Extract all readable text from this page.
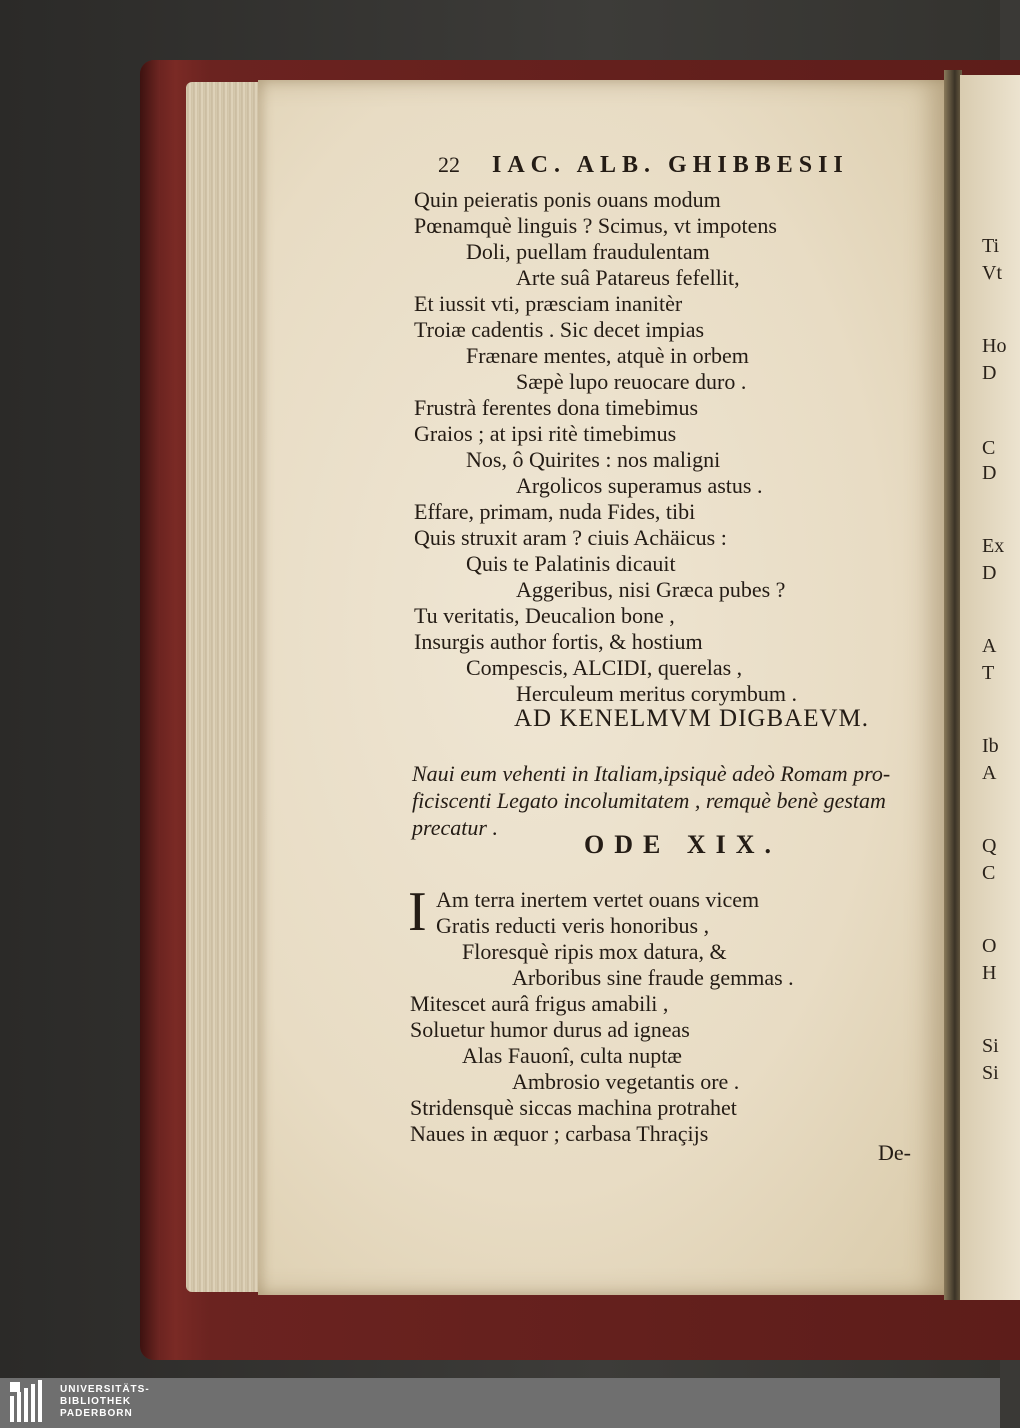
Ti
Vt
Ho
D
C
D
Ex
D
A
T
Ib
A
Q
C
O
H
Si
Si
22	IAC. ALB. GHIBBESII
Quin peieratis ponis ouans modum
Pœnamquè linguis ? Scimus, vt impotens
Doli, puellam fraudulentam
Arte suâ Patareus fefellit,
Et iussit vti, præsciam inanitèr
Troiæ cadentis . Sic decet impias
Frænare mentes, atquè in orbem
Sæpè lupo reuocare duro .
Frustrà ferentes dona timebimus
Graios ; at ipsi ritè timebimus
Nos, ô Quirites : nos maligni
Argolicos superamus astus .
Effare, primam, nuda Fides, tibi
Quis struxit aram ? ciuis Achäicus :
Quis te Palatinis dicauit
Aggeribus, nisi Græca pubes ?
Tu veritatis, Deucalion bone ,
Insurgis author fortis, & hostium
Compescis, ALCIDI, querelas ,
Herculeum meritus corymbum .
AD KENELMVM DIGBAEVM.
Naui eum vehenti in Italiam,ipsiquè adeò Romam pro-
ficiscenti Legato incolumitatem , remquè benè gestam
precatur .
ODE XIX.
I Am terra inertem vertet ouans vicem
Gratis reducti veris honoribus ,
Floresquè ripis mox datura, &
Arboribus sine fraude gemmas .
Mitescet aurâ frigus amabili ,
Soluetur humor durus ad igneas
Alas Fauonî, culta nuptæ
Ambrosio vegetantis ore .
Stridensquè siccas machina protrahet
Naues in æquor ; carbasa Thraçijs
De-
UNIVERSITÄTS-
BIBLIOTHEK
PADERBORN
